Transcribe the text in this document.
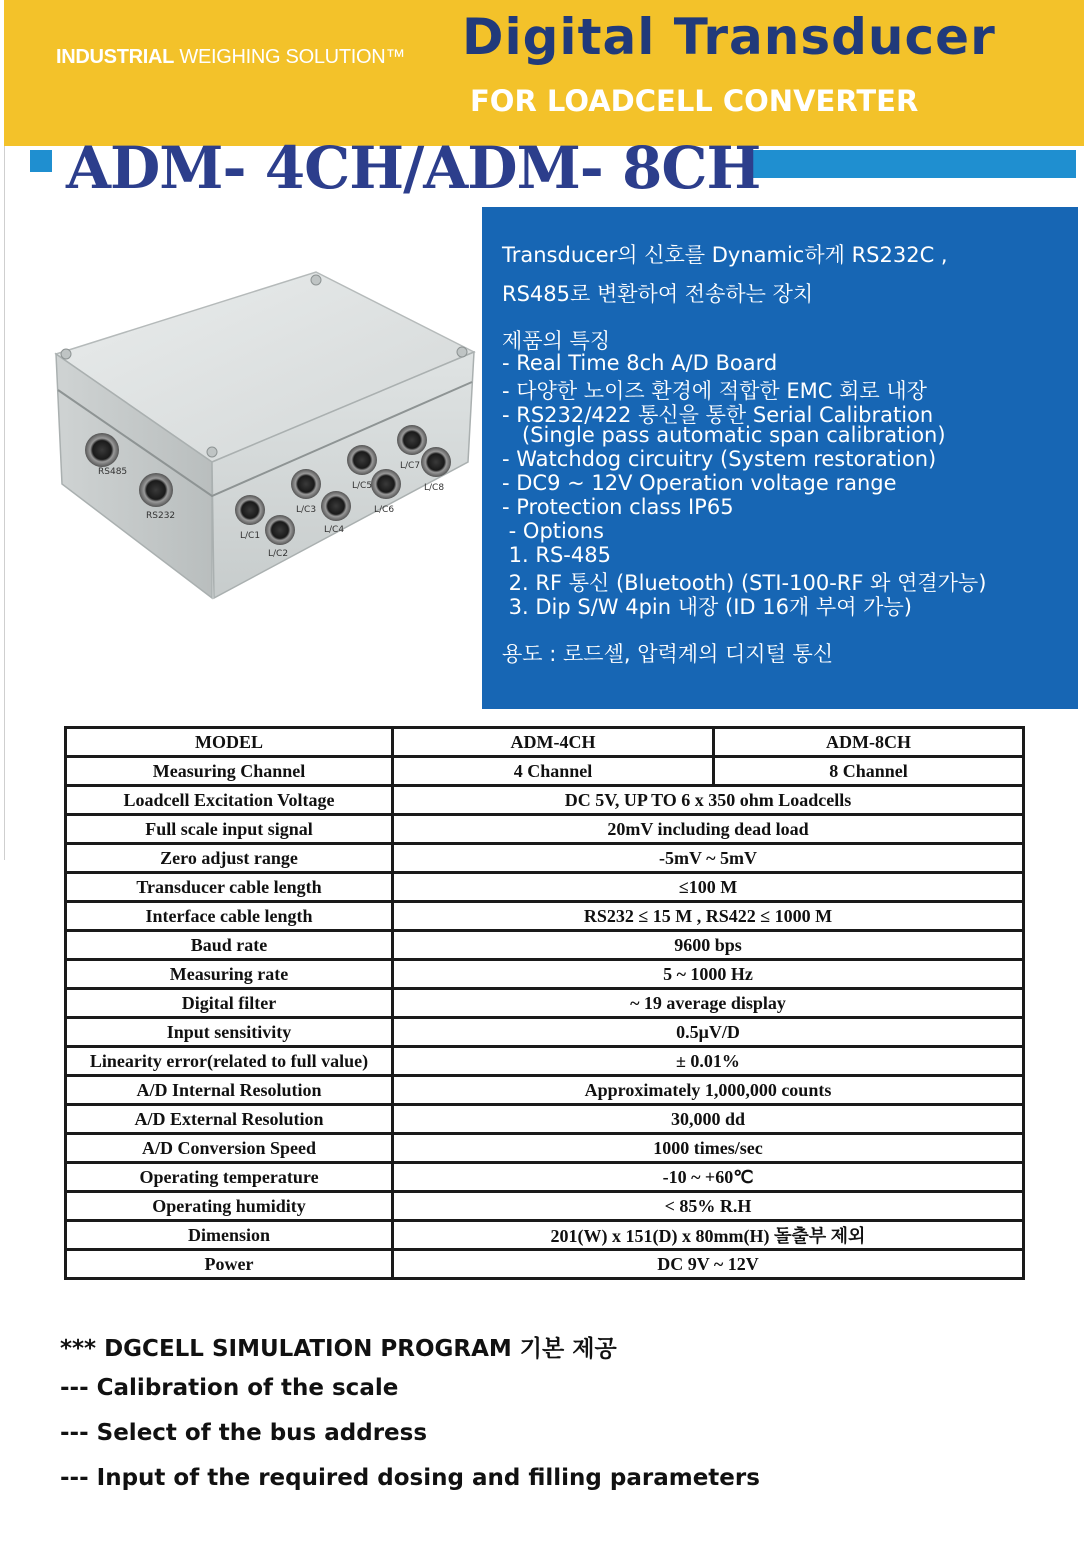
INDUSTRIAL WEIGHING SOLUTION™ Digital Transducer
FOR LOADCELL CONVERTER
ADM- 4CH/ADM- 8CH
L/C1
L/C2
L/C3
L/C4
L/C5
L/C6
L/C7
L/C8
RS232
RS485
Transducer의 신호를 Dynamic하게 RS232C ,
RS485로 변환하여 전송하는 장치
제품의 특징
- Real Time 8ch A/D Board
- 다양한 노이즈 환경에 적합한 EMC 회로 내장
- RS232/422 통신을 통한 Serial Calibration
(Single pass automatic span calibration)
- Watchdog circuitry (System restoration)
- DC9 ~ 12V Operation voltage range
- Protection class IP65
- Options
1. RS-485
2. RF 통신 (Bluetooth) (STI-100-RF 와 연결가능)
3. Dip S/W 4pin 내장 (ID 16개 부여 가능)
용도 : 로드셀, 압력계의 디지털 통신
MODEL	ADM-4CH	ADM-8CH
Measuring Channel	4 Channel	8 Channel
Loadcell Excitation Voltage	DC 5V, UP TO 6 x 350 ohm Loadcells	
Full scale input signal	20mV including dead load	
Zero adjust range	-5mV ~ 5mV	
Transducer cable length	≤100 M	
Interface cable length	RS232 ≤ 15 M , RS422 ≤ 1000 M	
Baud rate	9600 bps	
Measuring rate	5 ~ 1000 Hz	
Digital filter	~ 19 average display	
Input sensitivity	0.5μV/D	
Linearity error(related to full value)	± 0.01%	
A/D Internal Resolution	Approximately 1,000,000 counts	
A/D External Resolution	30,000 dd	
A/D Conversion Speed	1000 times/sec	
Operating temperature	-10 ~ +60℃	
Operating humidity	< 85% R.H	
Dimension	201(W) x 151(D) x 80mm(H) 돌출부 제외	
Power	DC 9V ~ 12V	
*** DGCELL SIMULATION PROGRAM 기본 제공
--- Calibration of the scale
--- Select of the bus address
--- Input of the required dosing and filling parameters
